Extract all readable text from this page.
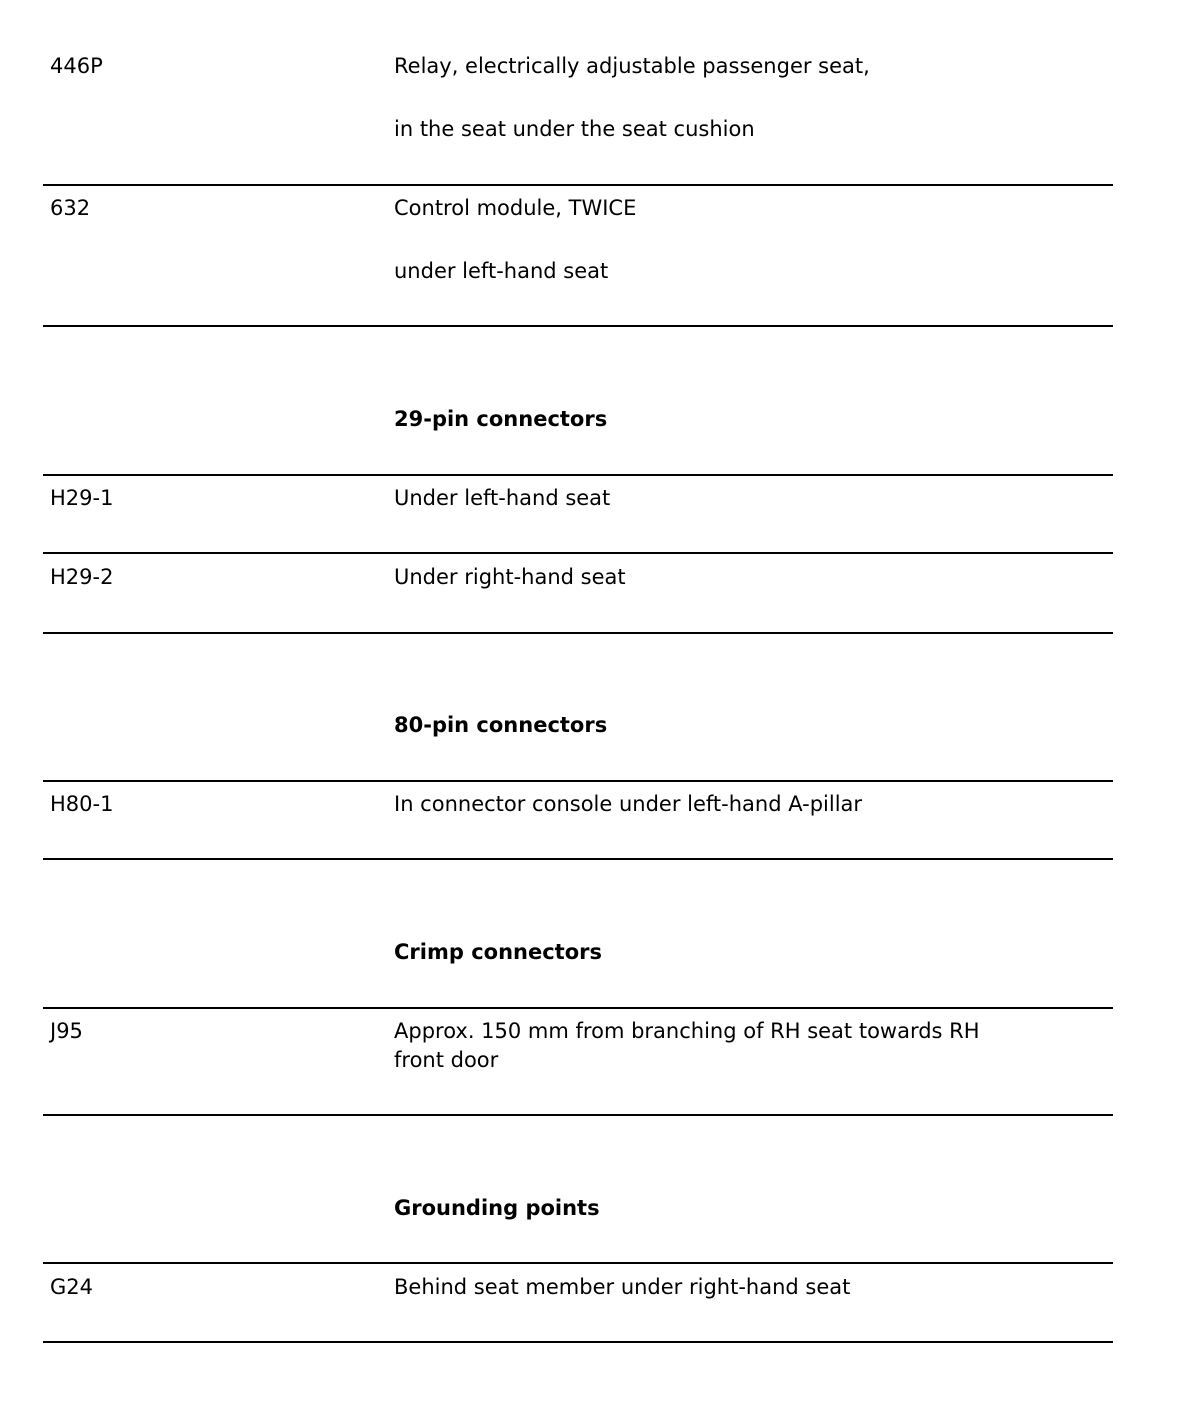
446P	Relay, electrically adjustable passenger seat,
in the seat under the seat cushion
632	Control module, TWICE
under left-hand seat
29-pin connectors
H29-1	Under left-hand seat
H29-2	Under right-hand seat
80-pin connectors
H80-1	In connector console under left-hand A-pillar
Crimp connectors
J95	Approx. 150 mm from branching of RH seat towards RH
front door
Grounding points
G24	Behind seat member under right-hand seat
